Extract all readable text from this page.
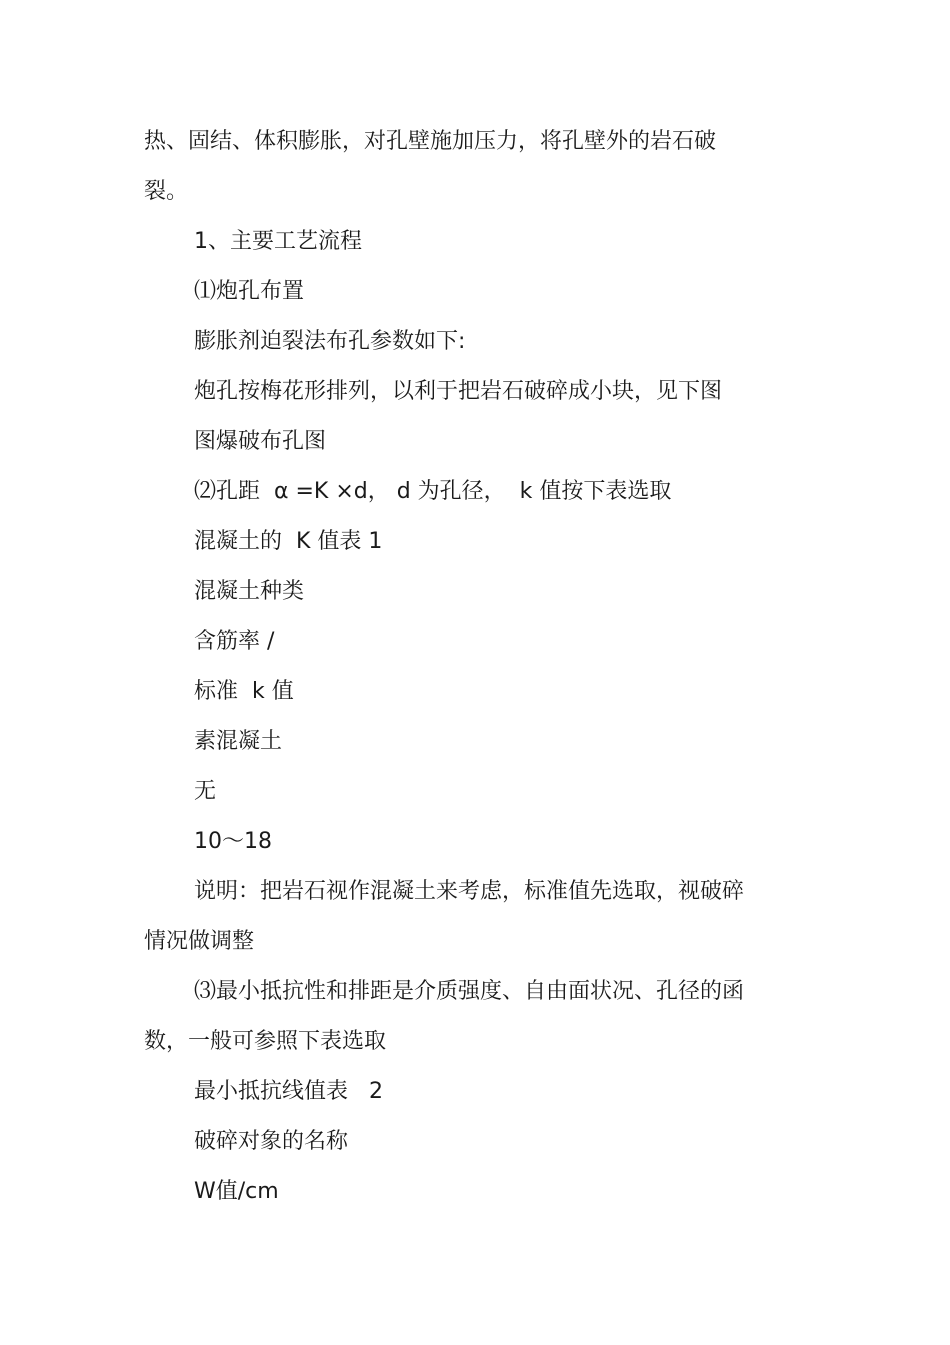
热、固结、体积膨胀，对孔壁施加压力，将孔壁外的岩石破裂。

1、主要工艺流程

⑴炮孔布置

膨胀剂迫裂法布孔参数如下:

炮孔按梅花形排列，以利于把岩石破碎成小块，见下图

图爆破布孔图

⑵孔距  α =K ×d， d 为孔径，  k 值按下表选取

混凝土的  K 值表 1

混凝土种类

含筋率 /

标准  k 值

素混凝土

无

10～18

说明：把岩石视作混凝土来考虑，标准值先选取，视破碎情况做调整

⑶最小抵抗性和排距是介质强度、自由面状况、孔径的函数，一般可参照下表选取

最小抵抗线值表   2

破碎对象的名称

W值/cm
